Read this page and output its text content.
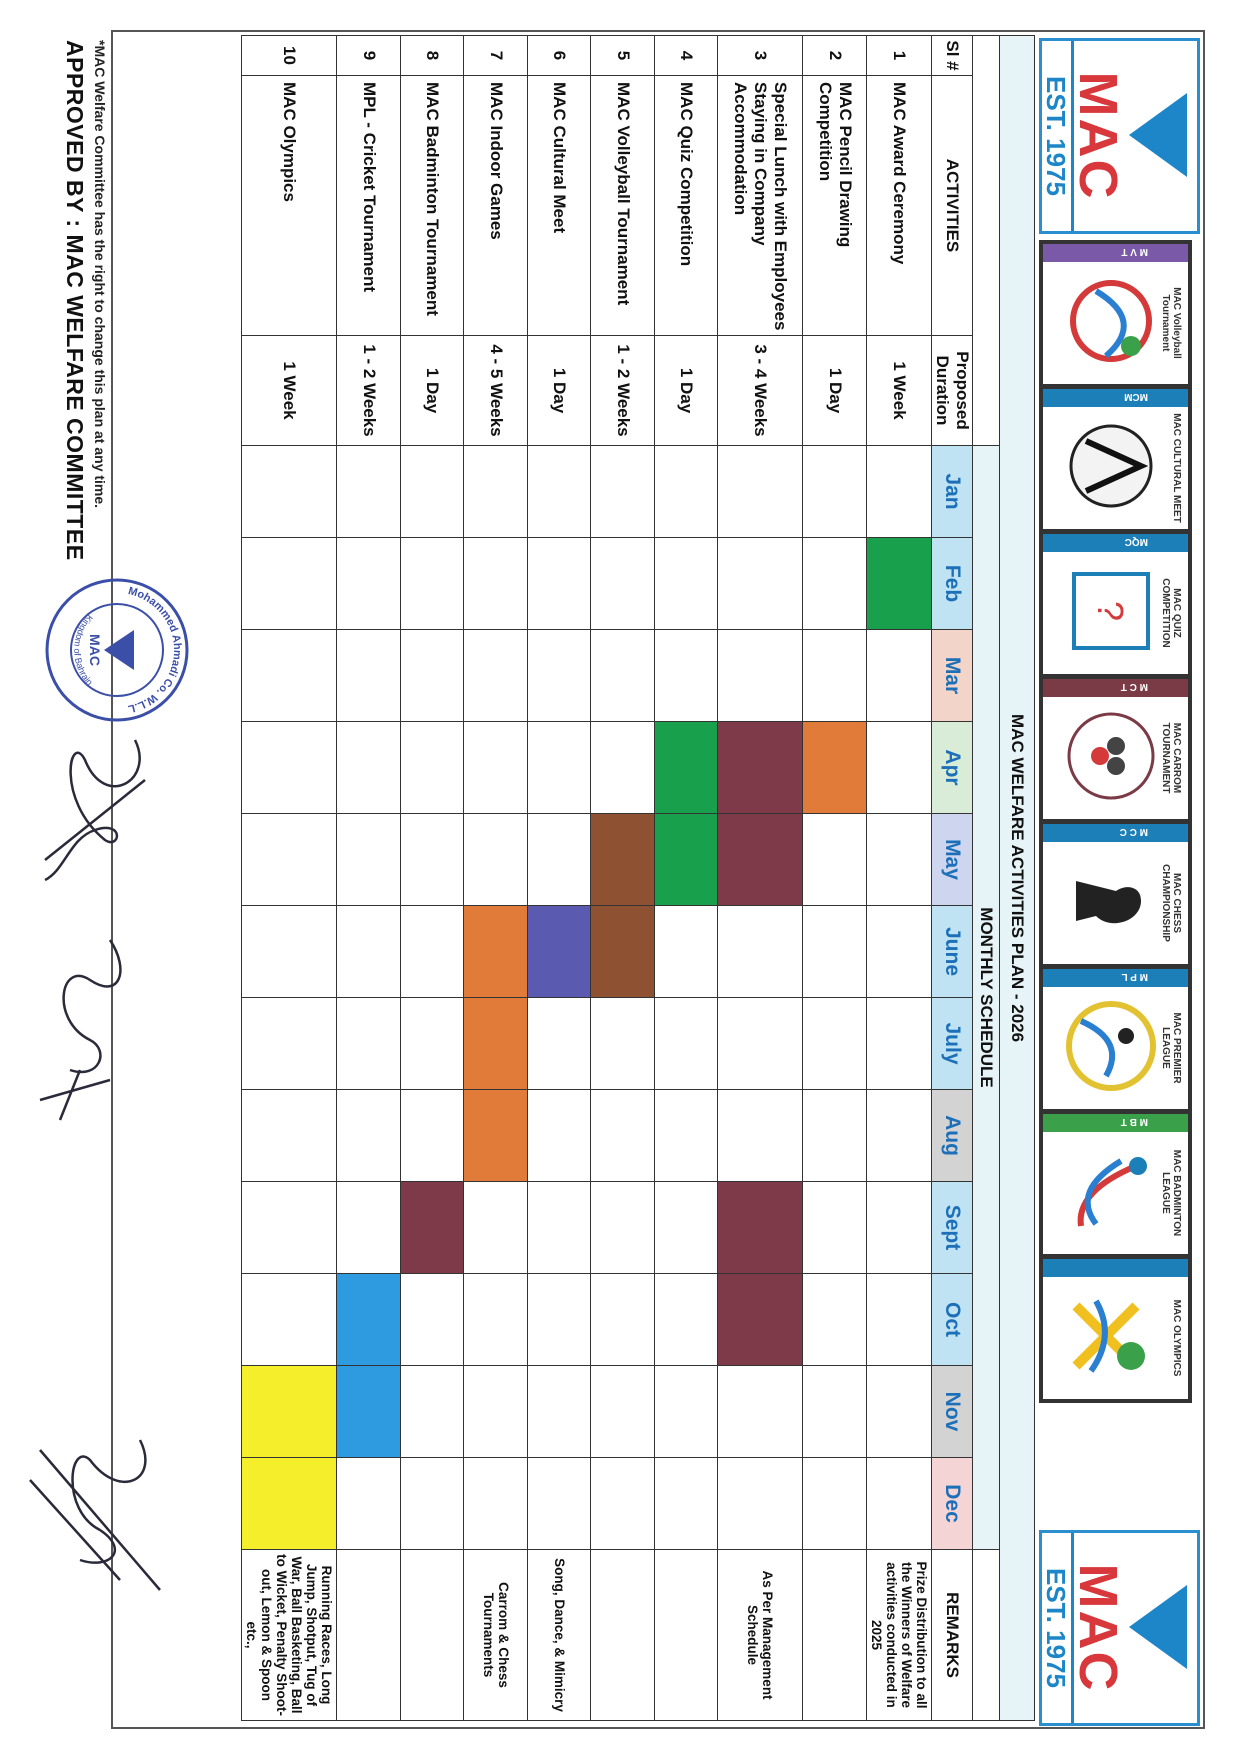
MAC
EST. 1975
MAC
EST. 1975
M V T
MAC Volleyball Tournament
MCM
MAC CULTURAL MEET
MQC
MAC QUIZ COMPETITION
?
M C T
MAC CARROM TOURNAMENT
M C C
MAC CHESS CHAMPIONSHIP
M P L
MAC PREMIER LEAGUE
M B T
MAC BADMINTON LEAGUE
MAC OLYMPICS
MAC WELFARE ACTIVITIES PLAN - 2026															
			MONTHLY SCHEDULE												
Sl #	ACTIVITIES	Proposed Duration	Jan	Feb	Mar	Apr	May	June	July	Aug	Sept	Oct	Nov	Dec	REMARKS
1	MAC Award Ceremony	1 Week													Prize Distribution to all the Winners of Welfare activities conducted in 2025
2	MAC Pencil Drawing Competition	1 Day													
3	Special Lunch with Employees Staying in Company Accommodation	3 - 4 Weeks													As Per Management Schedule
4	MAC Quiz Competition	1 Day													
5	MAC Volleyball Tournament	1 - 2 Weeks													
6	MAC Cultural Meet	1 Day													Song, Dance, & Mimicry
7	MAC Indoor Games	4 - 5 Weeks													Carrom & Chess Tournaments
8	MAC Badminton Tournament	1 Day													
9	MPL - Cricket Tournament	1 - 2 Weeks													
10	MAC Olympics	1 Week													Running Races, Long Jump, Shotput, Tug of War, Ball Basketing, Ball to Wicket, Penalty Shoot-out, Lemon & Spoon etc.,
*MAC Welfare Committee has the right to change this plan at any time.
APPROVED BY : MAC WELFARE COMMITTEE
MAC
Mohammed Ahmadi Co. W.L.L
Kingdom of Bahrain
